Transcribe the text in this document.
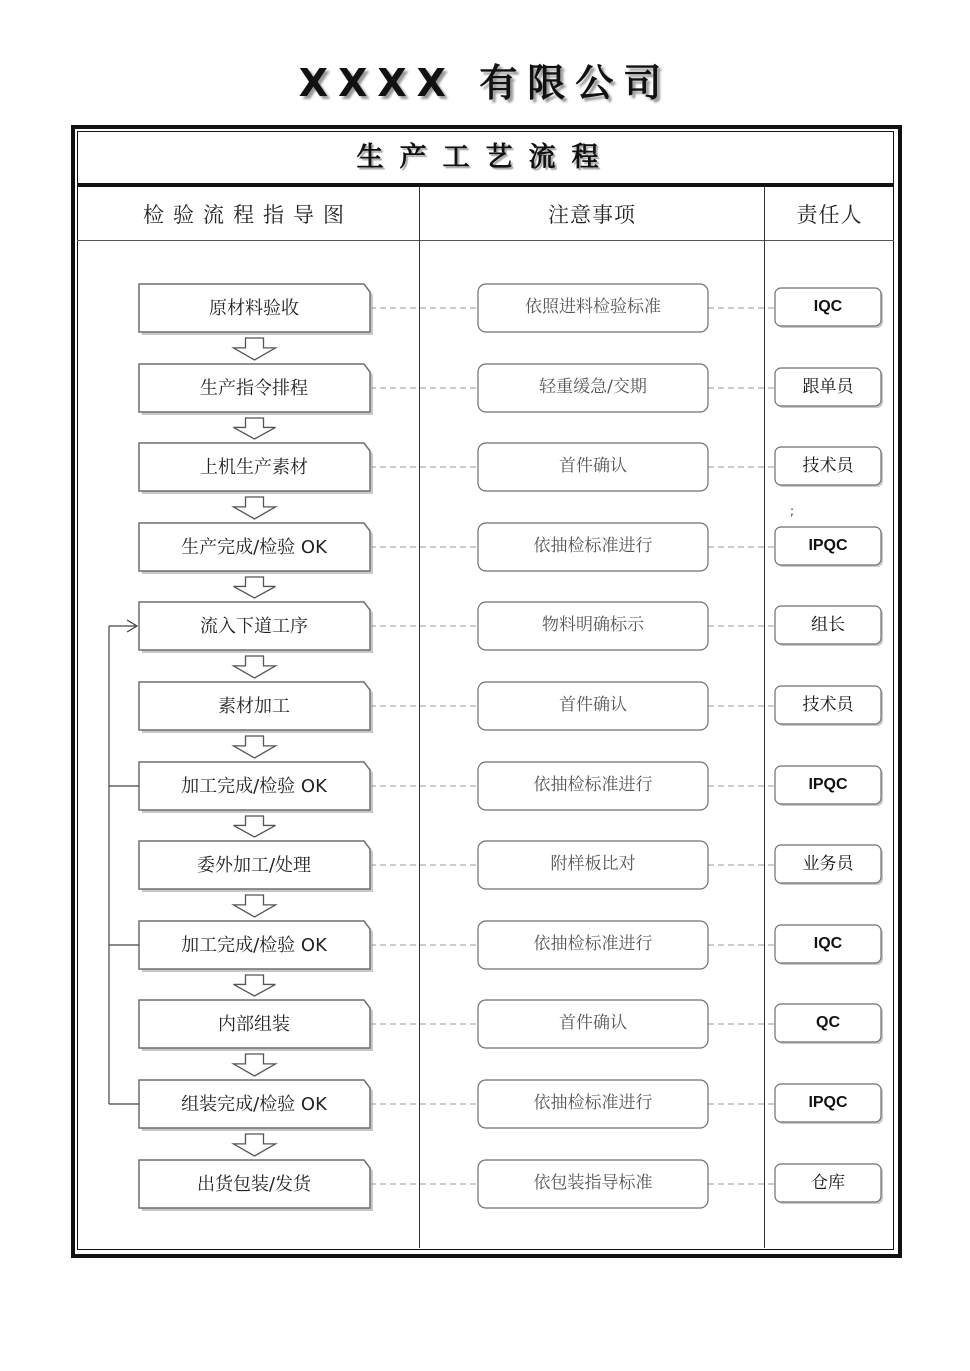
XXXX 有限公司
生产工艺流程
检验流程指导图	注意事项	责任人
原材料验收	依照进料检验标准	IQC
生产指令排程	轻重缓急/交期	跟单员
上机生产素材	首件确认	技术员
生产完成/检验 OK	依抽检标准进行	IPQC
流入下道工序	物料明确标示	组长
素材加工	首件确认	技术员
加工完成/检验 OK	依抽检标准进行	IPQC
委外加工/处理	附样板比对	业务员
加工完成/检验 OK	依抽检标准进行	IQC
内部组装	首件确认	QC
组装完成/检验 OK	依抽检标准进行	IPQC
出货包装/发货	依包装指导标准	仓库
;
